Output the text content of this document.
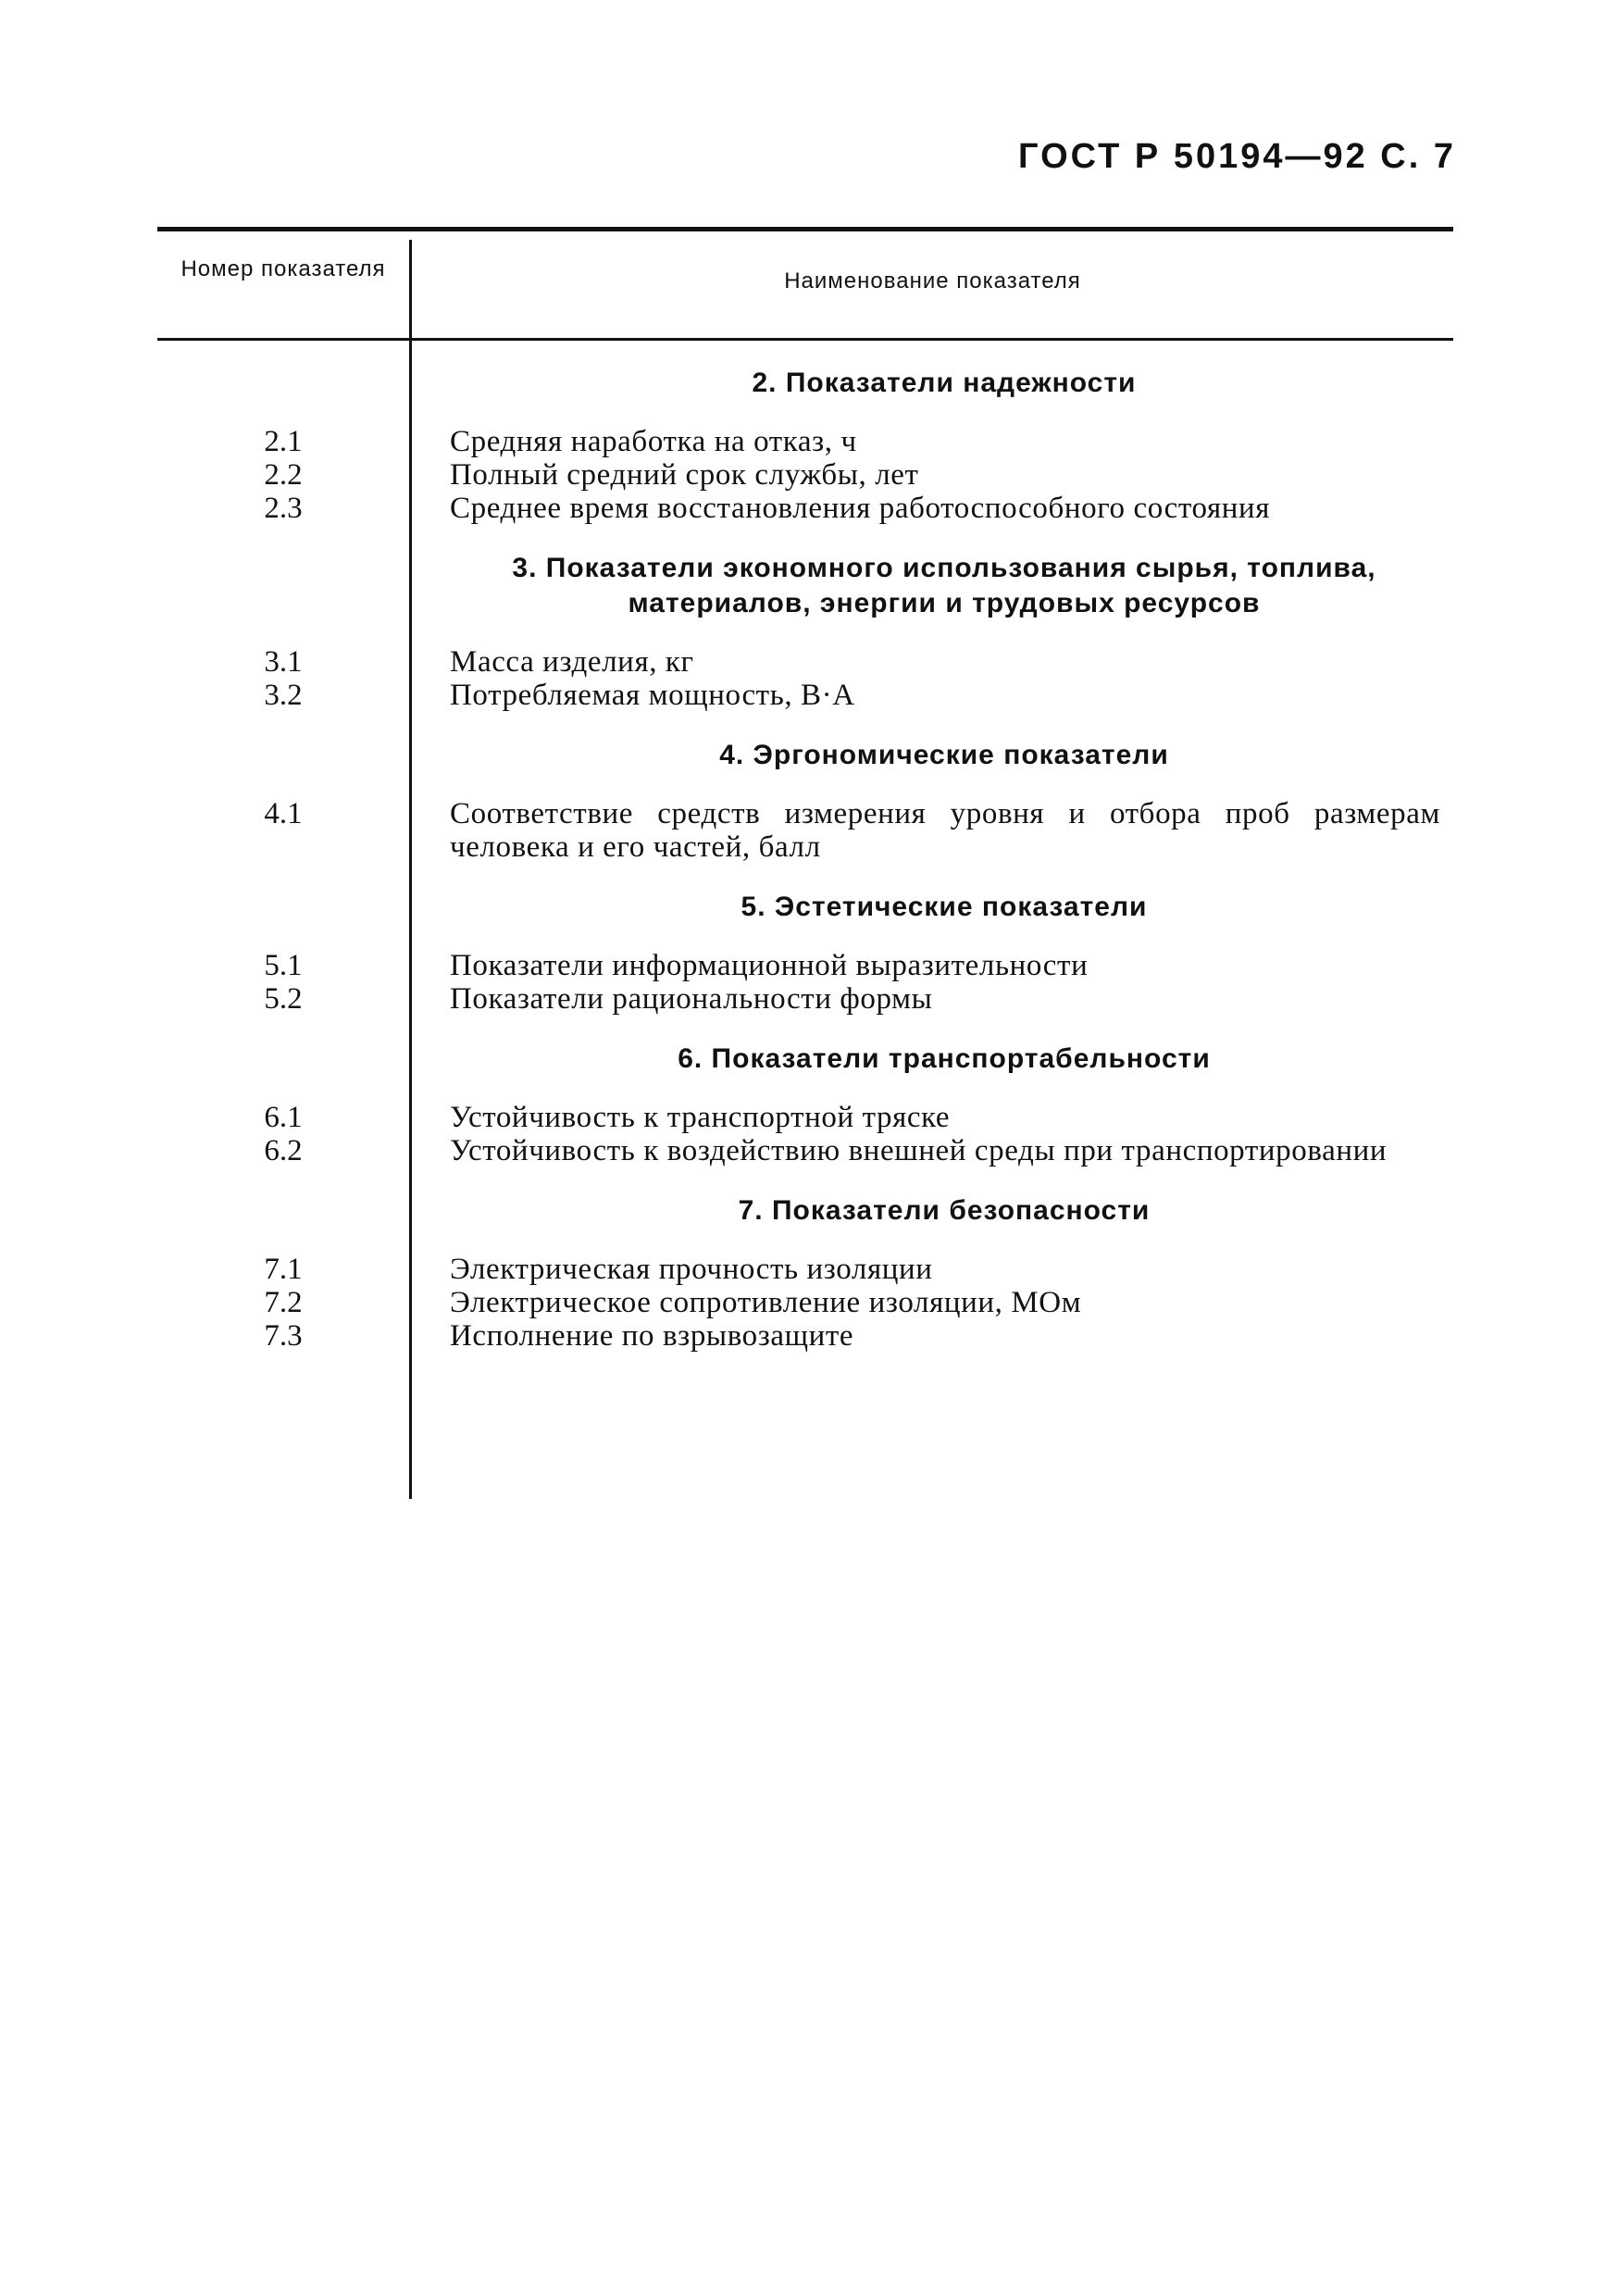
ГОСТ Р 50194—92 С. 7
Номер показателя	Наименование показателя
2. Показатели надежности
2.1	Средняя наработка на отказ, ч
2.2	Полный средний срок службы, лет
2.3	Среднее время восстановления работоспособного состояния
3. Показатели экономного использования сырья, топлива, материалов, энергии и трудовых ресурсов
3.1	Масса изделия, кг
3.2	Потребляемая мощность, В·А
4. Эргономические показатели
4.1	Соответствие средств измерения уровня и отбора проб размерам человека и его частей, балл
5. Эстетические показатели
5.1	Показатели информационной выразительности
5.2	Показатели рациональности формы
6. Показатели транспортабельности
6.1	Устойчивость к транспортной тряске
6.2	Устойчивость к воздействию внешней среды при транспортировании
7. Показатели безопасности
7.1	Электрическая прочность изоляции
7.2	Электрическое сопротивление изоляции, МОм
7.3	Исполнение по взрывозащите
